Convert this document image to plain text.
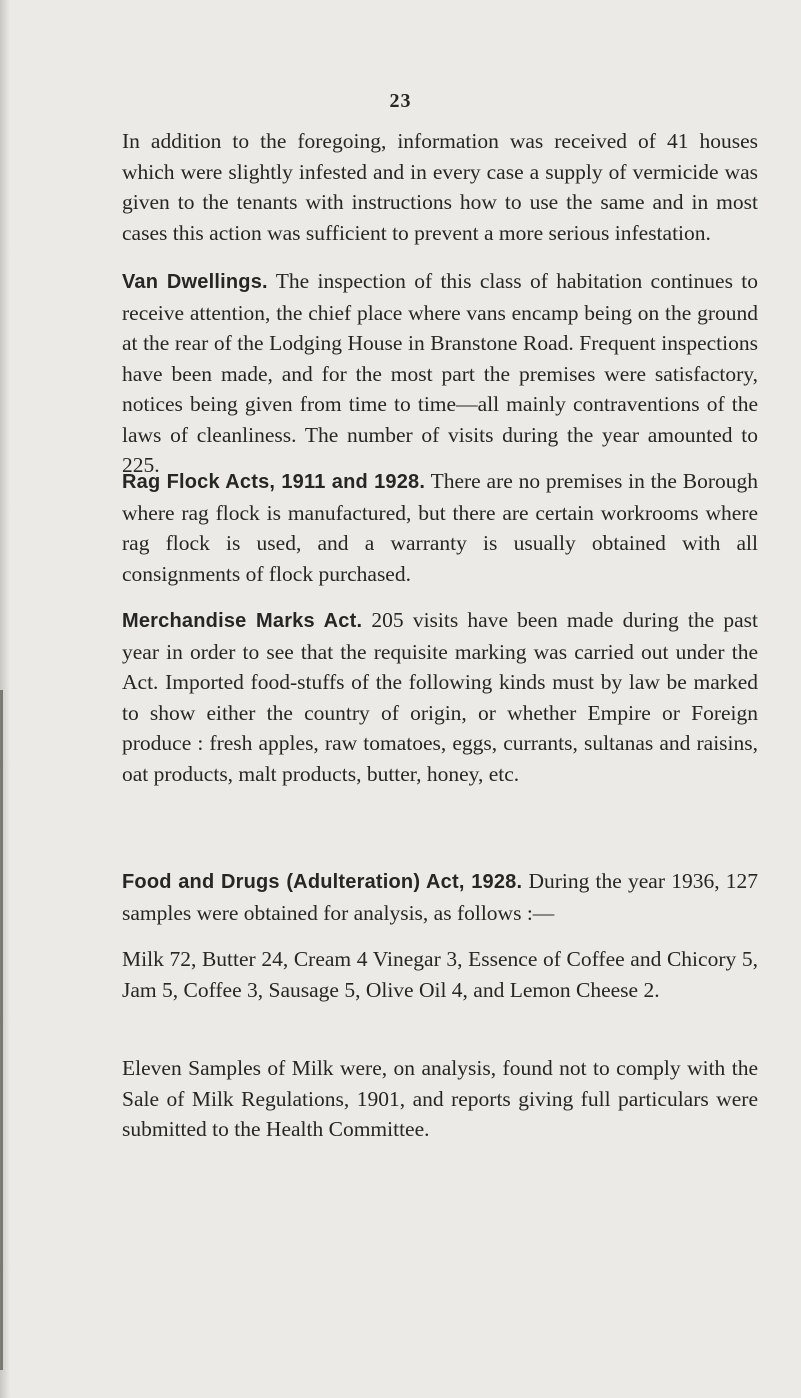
23

In addition to the foregoing, information was received of 41 houses which were slightly infested and in every case a supply of vermicide was given to the tenants with instructions how to use the same and in most cases this action was sufficient to prevent a more serious infestation.

Van Dwellings. The inspection of this class of habitation continues to receive attention, the chief place where vans encamp being on the ground at the rear of the Lodging House in Branstone Road. Frequent inspections have been made, and for the most part the premises were satisfactory, notices being given from time to time—all mainly contraventions of the laws of cleanliness. The number of visits during the year amounted to 225.

Rag Flock Acts, 1911 and 1928. There are no premises in the Borough where rag flock is manufactured, but there are certain workrooms where rag flock is used, and a warranty is usually obtained with all consignments of flock purchased.

Merchandise Marks Act. 205 visits have been made during the past year in order to see that the requisite marking was carried out under the Act. Imported food-stuffs of the following kinds must by law be marked to show either the country of origin, or whether Empire or Foreign produce : fresh apples, raw tomatoes, eggs, currants, sultanas and raisins, oat products, malt products, butter, honey, etc.

Food and Drugs (Adulteration) Act, 1928. During the year 1936, 127 samples were obtained for analysis, as follows :—

Milk 72, Butter 24, Cream 4 Vinegar 3, Essence of Coffee and Chicory 5, Jam 5, Coffee 3, Sausage 5, Olive Oil 4, and Lemon Cheese 2.

Eleven Samples of Milk were, on analysis, found not to comply with the Sale of Milk Regulations, 1901, and reports giving full particulars were submitted to the Health Committee.
